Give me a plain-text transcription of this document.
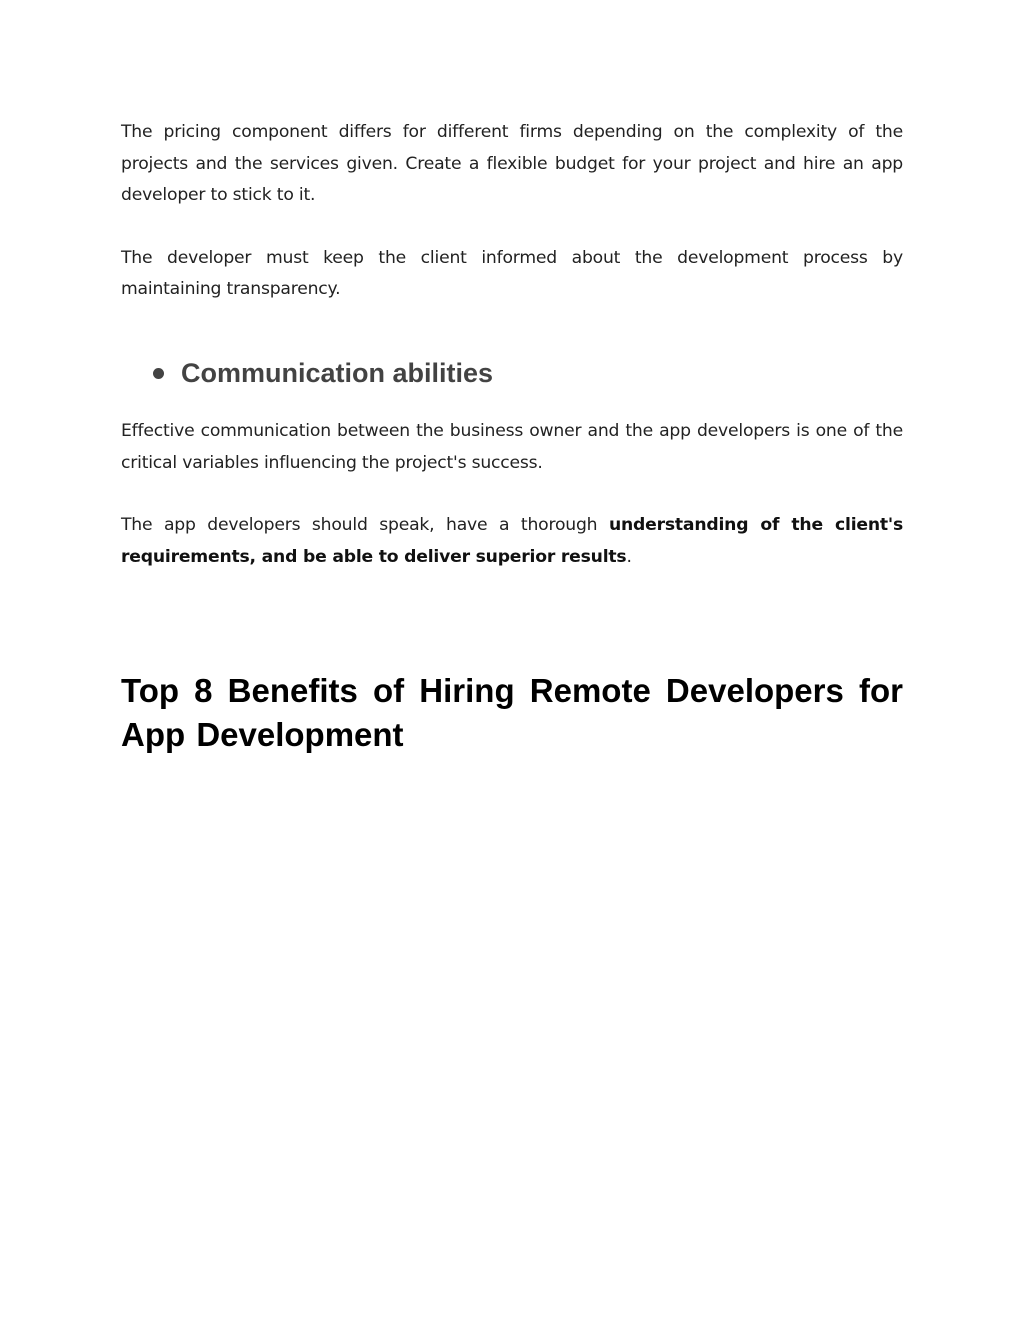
The pricing component differs for different firms depending on the complexity of the projects and the services given. Create a flexible budget for your project and hire an app developer to stick to it.

The developer must keep the client informed about the development process by maintaining transparency.

Communication abilities

Effective communication between the business owner and the app developers is one of the critical variables influencing the project's success.

The app developers should speak, have a thorough understanding of the client's requirements, and be able to deliver superior results.

Top 8 Benefits of Hiring Remote Developers for App Development
